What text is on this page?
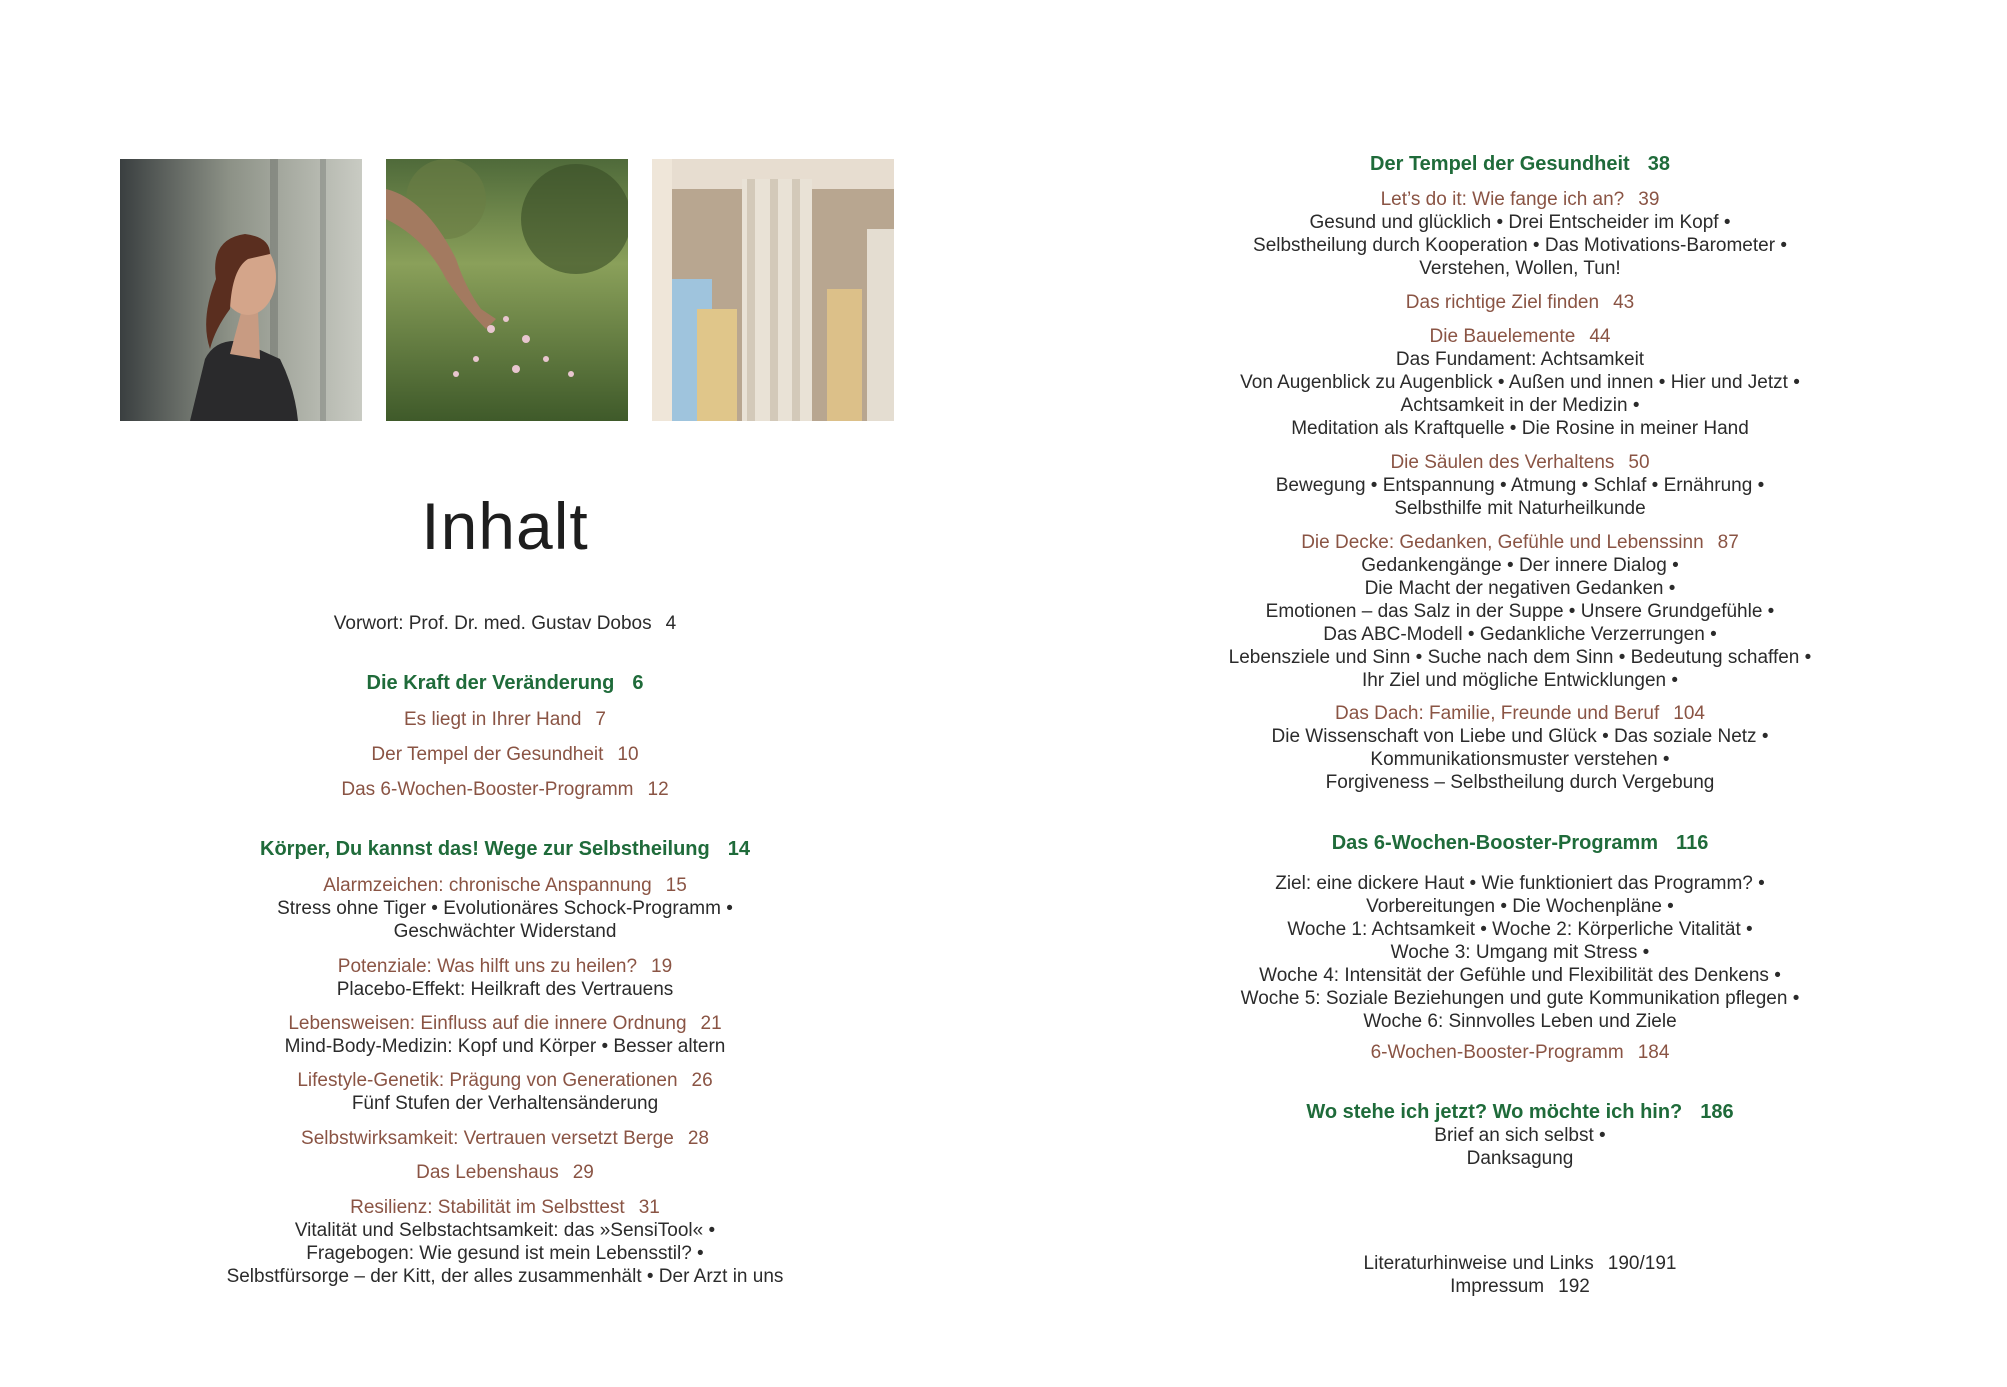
Inhalt
Vorwort: Prof. Dr. med. Gustav Dobos 4
Die Kraft der Veränderung 6
Es liegt in Ihrer Hand 7
Der Tempel der Gesundheit 10
Das 6-Wochen-Booster-Programm 12
Körper, Du kannst das! Wege zur Selbstheilung 14
Alarmzeichen: chronische Anspannung 15
Stress ohne Tiger • Evolutionäres Schock-Programm •
Geschwächter Widerstand
Potenziale: Was hilft uns zu heilen? 19
Placebo-Effekt: Heilkraft des Vertrauens
Lebensweisen: Einfluss auf die innere Ordnung 21
Mind-Body-Medizin: Kopf und Körper • Besser altern
Lifestyle-Genetik: Prägung von Generationen 26
Fünf Stufen der Verhaltensänderung
Selbstwirksamkeit: Vertrauen versetzt Berge 28
Das Lebenshaus 29
Resilienz: Stabilität im Selbsttest 31
Vitalität und Selbstachtsamkeit: das »SensiTool« •
Fragebogen: Wie gesund ist mein Lebensstil? •
Selbstfürsorge – der Kitt, der alles zusammenhält • Der Arzt in uns
Der Tempel der Gesundheit 38
Let’s do it: Wie fange ich an? 39
Gesund und glücklich • Drei Entscheider im Kopf •
Selbstheilung durch Kooperation • Das Motivations-Barometer •
Verstehen, Wollen, Tun!
Das richtige Ziel finden 43
Die Bauelemente 44
Das Fundament: Achtsamkeit
Von Augenblick zu Augenblick • Außen und innen • Hier und Jetzt •
Achtsamkeit in der Medizin •
Meditation als Kraftquelle • Die Rosine in meiner Hand
Die Säulen des Verhaltens 50
Bewegung • Entspannung • Atmung • Schlaf • Ernährung •
Selbsthilfe mit Naturheilkunde
Die Decke: Gedanken, Gefühle und Lebenssinn 87
Gedankengänge • Der innere Dialog •
Die Macht der negativen Gedanken •
Emotionen – das Salz in der Suppe • Unsere Grundgefühle •
Das ABC-Modell • Gedankliche Verzerrungen •
Lebensziele und Sinn • Suche nach dem Sinn • Bedeutung schaffen •
Ihr Ziel und mögliche Entwicklungen •
Das Dach: Familie, Freunde und Beruf 104
Die Wissenschaft von Liebe und Glück • Das soziale Netz •
Kommunikationsmuster verstehen •
Forgiveness – Selbstheilung durch Vergebung
Das 6-Wochen-Booster-Programm 116
Ziel: eine dickere Haut • Wie funktioniert das Programm? •
Vorbereitungen • Die Wochenpläne •
Woche 1: Achtsamkeit • Woche 2: Körperliche Vitalität •
Woche 3: Umgang mit Stress •
Woche 4: Intensität der Gefühle und Flexibilität des Denkens •
Woche 5: Soziale Beziehungen und gute Kommunikation pflegen •
Woche 6: Sinnvolles Leben und Ziele
6-Wochen-Booster-Programm 184
Wo stehe ich jetzt? Wo möchte ich hin? 186
Brief an sich selbst •
Danksagung
Literaturhinweise und Links 190/191
Impressum 192
